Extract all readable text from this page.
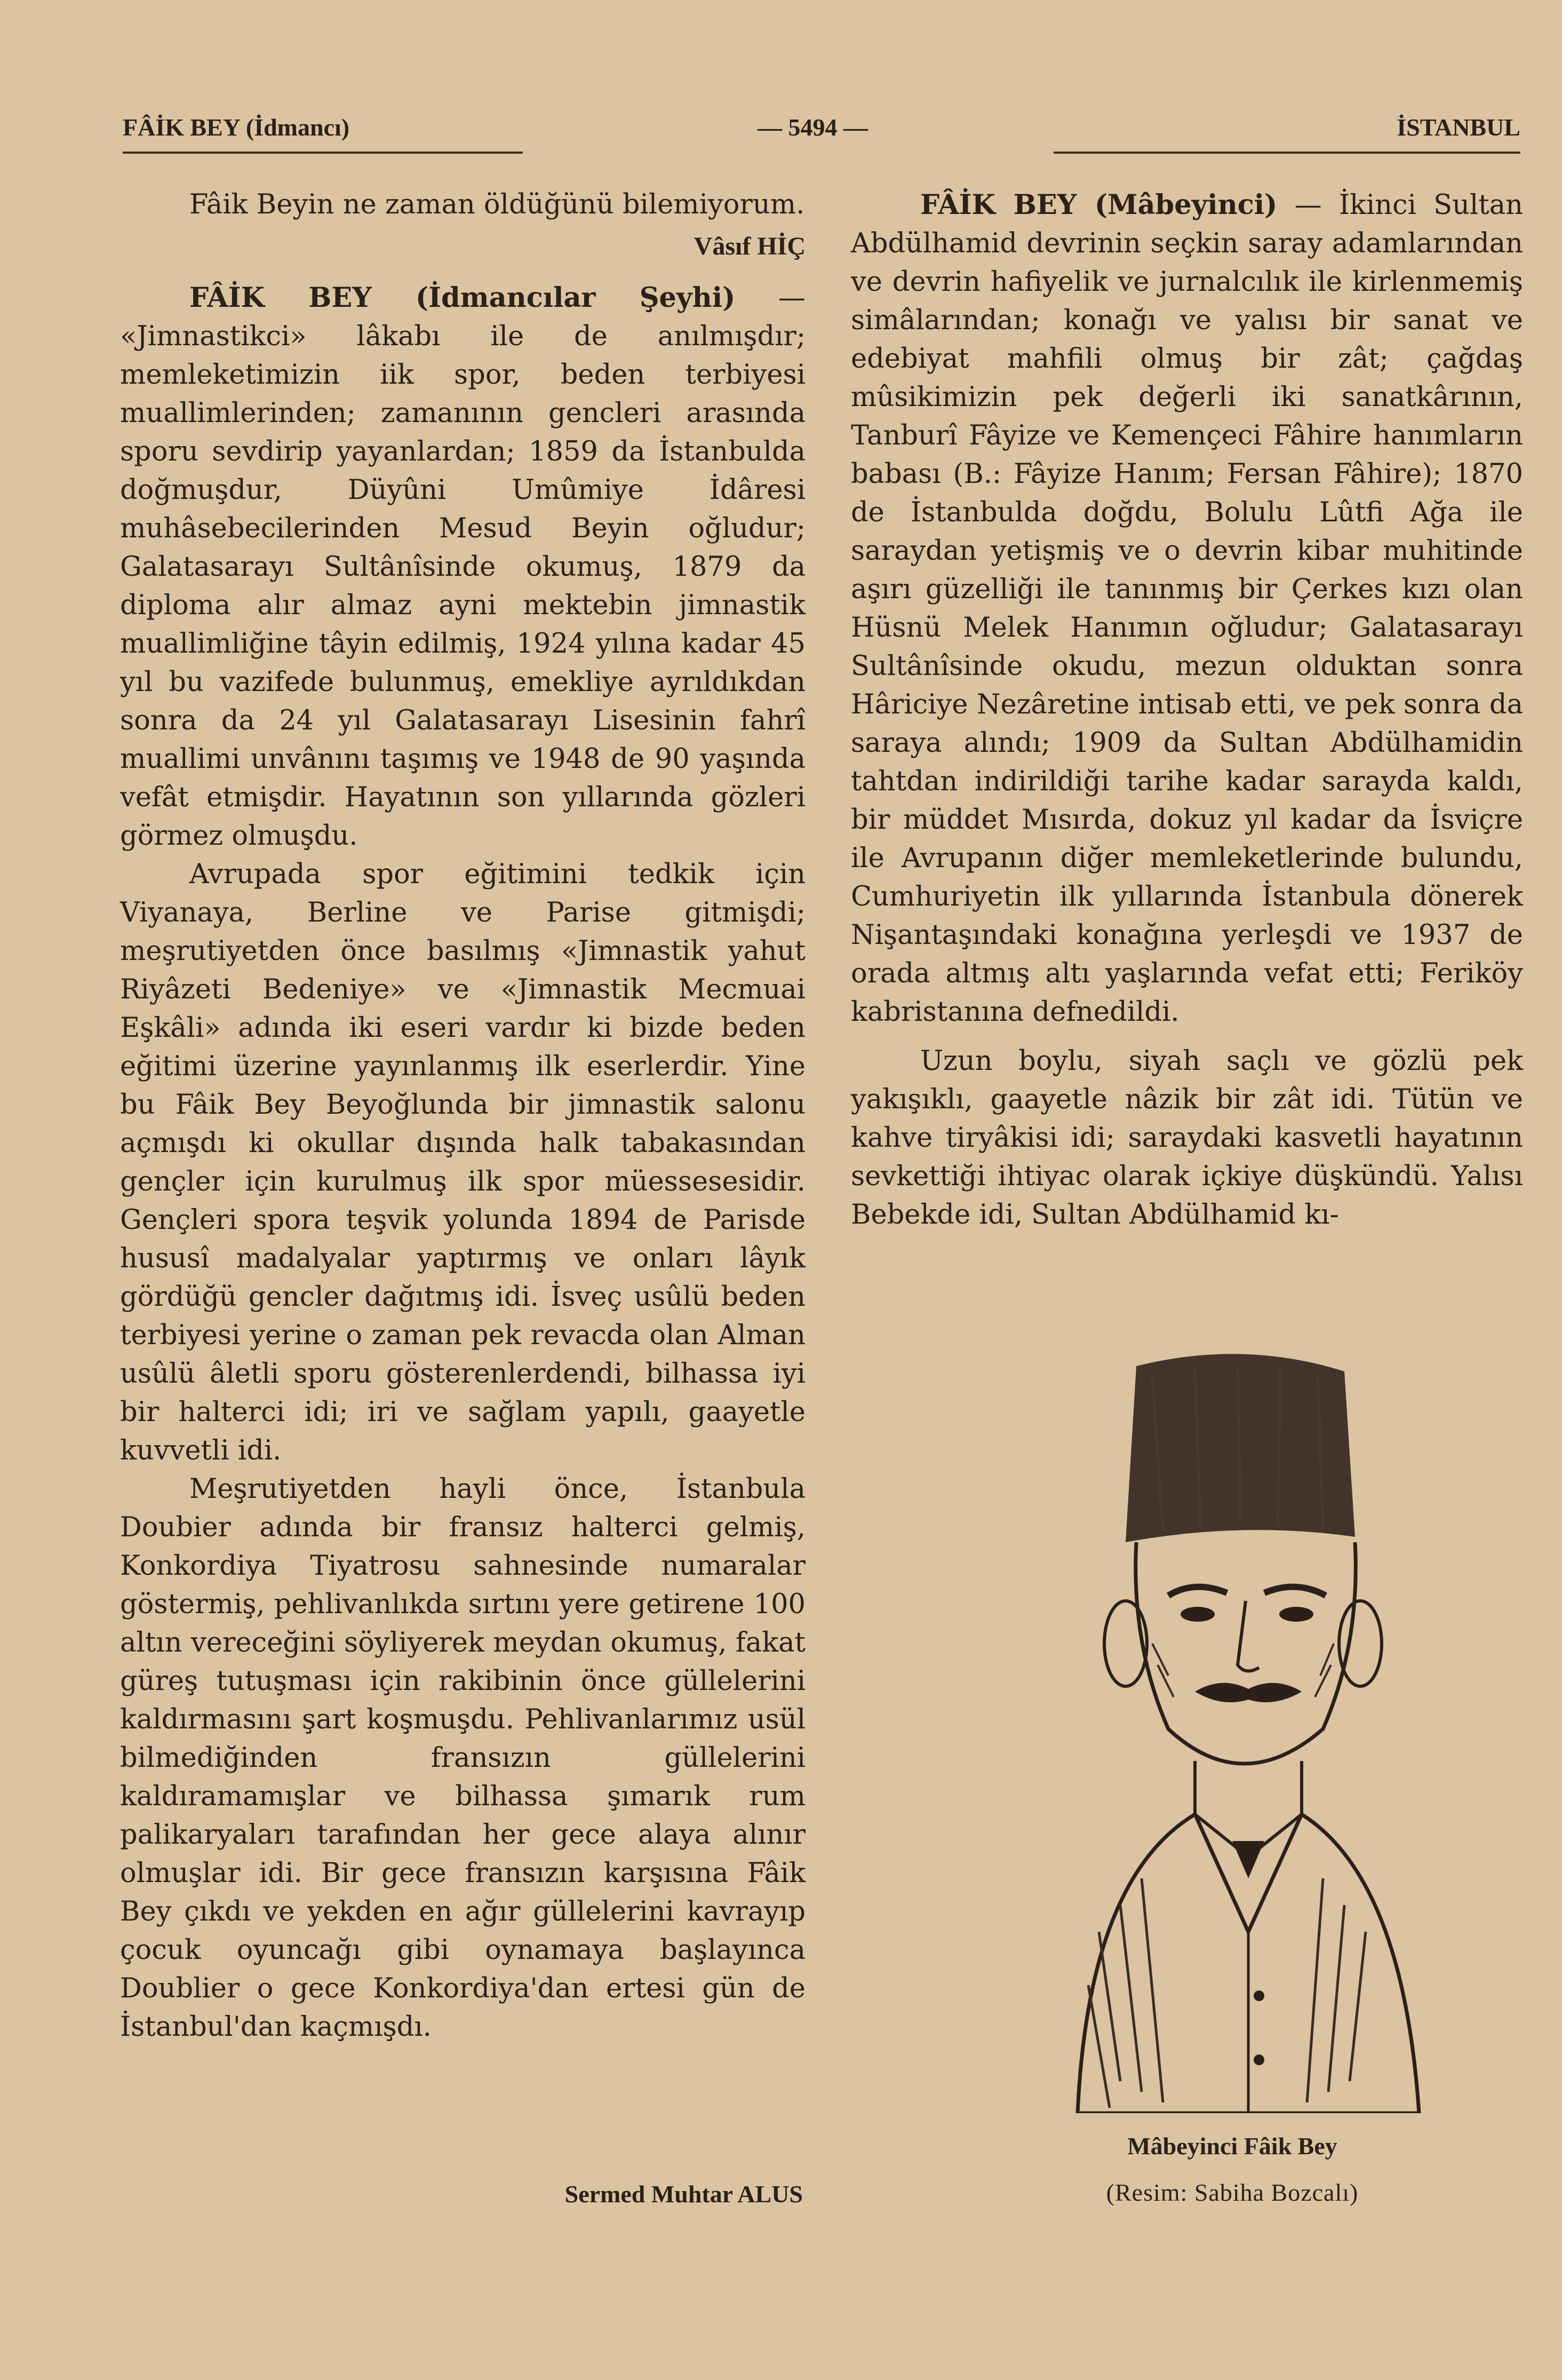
FÂİK BEY (İdmancı)	— 5494 —	İSTANBUL

Fâik Beyin ne zaman öldüğünü bilemiyorum.

Vâsıf HİÇ

FÂİK BEY (İdmancılar Şeyhi) — «Jimnastikci» lâkabı ile de anılmışdır; memleketimizin iik spor, beden terbiyesi muallimlerinden; zamanının gencleri arasında sporu sevdirip yayanlardan; 1859 da İstanbulda doğmuşdur, Düyûni Umûmiye İdâresi muhâsebecilerinden Mesud Beyin oğludur; Galatasarayı Sultânîsinde okumuş, 1879 da diploma alır almaz ayni mektebin jimnastik muallimliğine tâyin edilmiş, 1924 yılına kadar 45 yıl bu vazifede bulunmuş, emekliye ayrıldıkdan sonra da 24 yıl Galatasarayı Lisesinin fahrî muallimi unvânını taşımış ve 1948 de 90 yaşında vefât etmişdir. Hayatının son yıllarında gözleri görmez olmuşdu.

Avrupada spor eğitimini tedkik için Viyanaya, Berline ve Parise gitmişdi; meşrutiyetden önce basılmış «Jimnastik yahut Riyâzeti Bedeniye» ve «Jimnastik Mecmuai Eşkâli» adında iki eseri vardır ki bizde beden eğitimi üzerine yayınlanmış ilk eserlerdir. Yine bu Fâik Bey Beyoğlunda bir jimnastik salonu açmışdı ki okullar dışında halk tabakasından gençler için kurulmuş ilk spor müessesesidir. Gençleri spora teşvik yolunda 1894 de Parisde hususî madalyalar yaptırmış ve onları lâyık gördüğü gencler dağıtmış idi. İsveç usûlü beden terbiyesi yerine o zaman pek revacda olan Alman usûlü âletli sporu gösterenlerdendi, bilhassa iyi bir halterci idi; iri ve sağlam yapılı, gaayetle kuvvetli idi.

Meşrutiyetden hayli önce, İstanbula Doubier adında bir fransız halterci gelmiş, Konkordiya Tiyatrosu sahnesinde numaralar göstermiş, pehlivanlıkda sırtını yere getirene 100 altın vereceğini söyliyerek meydan okumuş, fakat güreş tutuşması için rakibinin önce güllelerini kaldırmasını şart koşmuşdu. Pehlivanlarımız usül bilmediğinden fransızın güllelerini kaldıramamışlar ve bilhassa şımarık rum palikaryaları tarafından her gece alaya alınır olmuşlar idi. Bir gece fransızın karşısına Fâik Bey çıkdı ve yekden en ağır güllelerini kavrayıp çocuk oyuncağı gibi oynamaya başlayınca Doublier o gece Konkordiya'dan ertesi gün de İstanbul'dan kaçmışdı.

Sermed Muhtar ALUS

FÂİK BEY (Mâbeyinci) — İkinci Sultan Abdülhamid devrinin seçkin saray adamlarından ve devrin hafiyelik ve jurnalcılık ile kirlenmemiş simâlarından; konağı ve yalısı bir sanat ve edebiyat mahfili olmuş bir zât; çağdaş mûsikimizin pek değerli iki sanatkârının, Tanburî Fâyize ve Kemençeci Fâhire hanımların babası (B.: Fâyize Hanım; Fersan Fâhire); 1870 de İstanbulda doğdu, Bolulu Lûtfi Ağa ile saraydan yetişmiş ve o devrin kibar muhitinde aşırı güzelliği ile tanınmış bir Çerkes kızı olan Hüsnü Melek Hanımın oğludur; Galatasarayı Sultânîsinde okudu, mezun olduktan sonra Hâriciye Nezâretine intisab etti, ve pek sonra da saraya alındı; 1909 da Sultan Abdülhamidin tahtdan indirildiği tarihe kadar sarayda kaldı, bir müddet Mısırda, dokuz yıl kadar da İsviçre ile Avrupanın diğer memleketlerinde bulundu, Cumhuriyetin ilk yıllarında İstanbula dönerek Nişantaşındaki konağına yerleşdi ve 1937 de orada altmış altı yaşlarında vefat etti; Feriköy kabristanına defnedildi.

Uzun boylu, siyah saçlı ve gözlü pek yakışıklı, gaayetle nâzik bir zât idi. Tütün ve kahve tiryâkisi idi; saraydaki kasvetli hayatının sevkettiği ihtiyac olarak içkiye düşkündü. Yalısı Bebekde idi, Sultan Abdülhamid kı-

Mâbeyinci Fâik Bey
(Resim: Sabiha Bozcalı)
